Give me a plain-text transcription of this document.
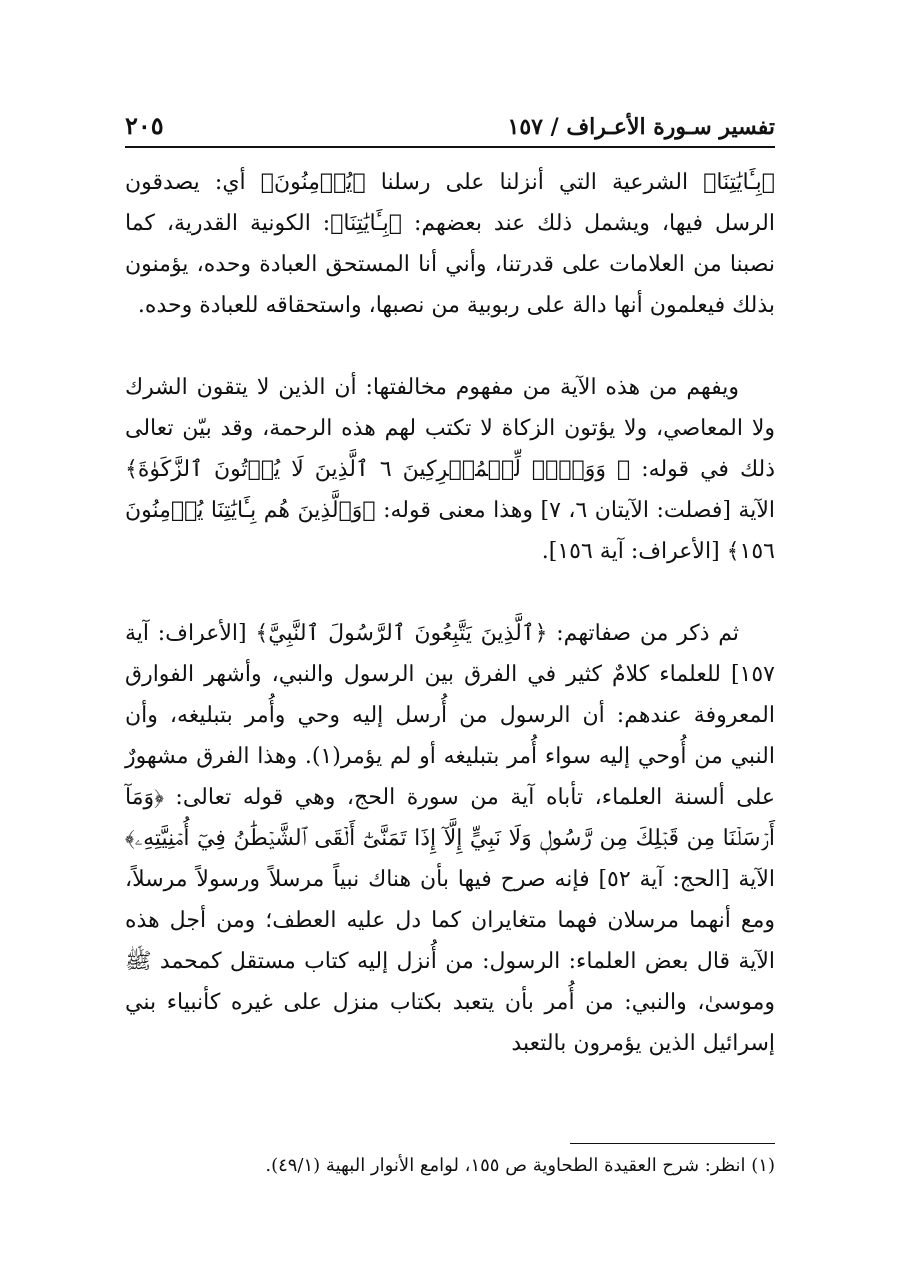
تفسير سـورة الأعـراف / ١٥٧
٢٠٥

﴿بِـَٔايَٰتِنَا﴾ الشرعية التي أنزلنا على رسلنا ﴿يُؤۡمِنُونَ﴾ أي: يصدقون الرسل فيها، ويشمل ذلك عند بعضهم: ﴿بِـَٔايَٰتِنَا﴾: الكونية القدرية، كما نصبنا من العلامات على قدرتنا، وأني أنا المستحق العبادة وحده، يؤمنون بذلك فيعلمون أنها دالة على ربوبية من نصبها، واستحقاقه للعبادة وحده.

ويفهم من هذه الآية من مفهوم مخالفتها: أن الذين لا يتقون الشرك ولا المعاصي، ولا يؤتون الزكاة لا تكتب لهم هذه الرحمة، وقد بيّن تعالى ذلك في قوله: ﴿ وَوَيۡلٞ لِّلۡمُشۡرِكِينَ ٦ ٱلَّذِينَ لَا يُؤۡتُونَ ٱلزَّكَوٰةَ﴾ الآية [فصلت: الآيتان ٦، ٧] وهذا معنى قوله: ﴿وَٱلَّذِينَ هُم بِـَٔايَٰتِنَا يُؤۡمِنُونَ ١٥٦﴾ [الأعراف: آية ١٥٦].

ثم ذكر من صفاتهم: ﴿ٱلَّذِينَ يَتَّبِعُونَ ٱلرَّسُولَ ٱلنَّبِيَّ﴾ [الأعراف: آية ١٥٧] للعلماء كلامٌ كثير في الفرق بين الرسول والنبي، وأشهر الفوارق المعروفة عندهم: أن الرسول من أُرسل إليه وحي وأُمر بتبليغه، وأن النبي من أُوحي إليه سواء أُمر بتبليغه أو لم يؤمر(١). وهذا الفرق مشهورٌ على ألسنة العلماء، تأباه آية من سورة الحج، وهي قوله تعالى: ﴿وَمَآ أَرۡسَلۡنَا مِن قَبۡلِكَ مِن رَّسُولٖ وَلَا نَبِيٍّ إِلَّآ إِذَا تَمَنَّىٰٓ أَلۡقَى ٱلشَّيۡطَٰنُ فِيٓ أُمۡنِيَّتِهِۦ﴾ الآية [الحج: آية ٥٢] فإنه صرح فيها بأن هناك نبياً مرسلاً ورسولاً مرسلاً، ومع أنهما مرسلان فهما متغايران كما دل عليه العطف؛ ومن أجل هذه الآية قال بعض العلماء: الرسول: من أُنزل إليه كتاب مستقل كمحمد ﷺ وموسىٰ، والنبي: من أُمر بأن يتعبد بكتاب منزل على غيره كأنبياء بني إسرائيل الذين يؤمرون بالتعبد

(١) انظر: شرح العقيدة الطحاوية ص ١٥٥، لوامع الأنوار البهية (٤٩/١).
